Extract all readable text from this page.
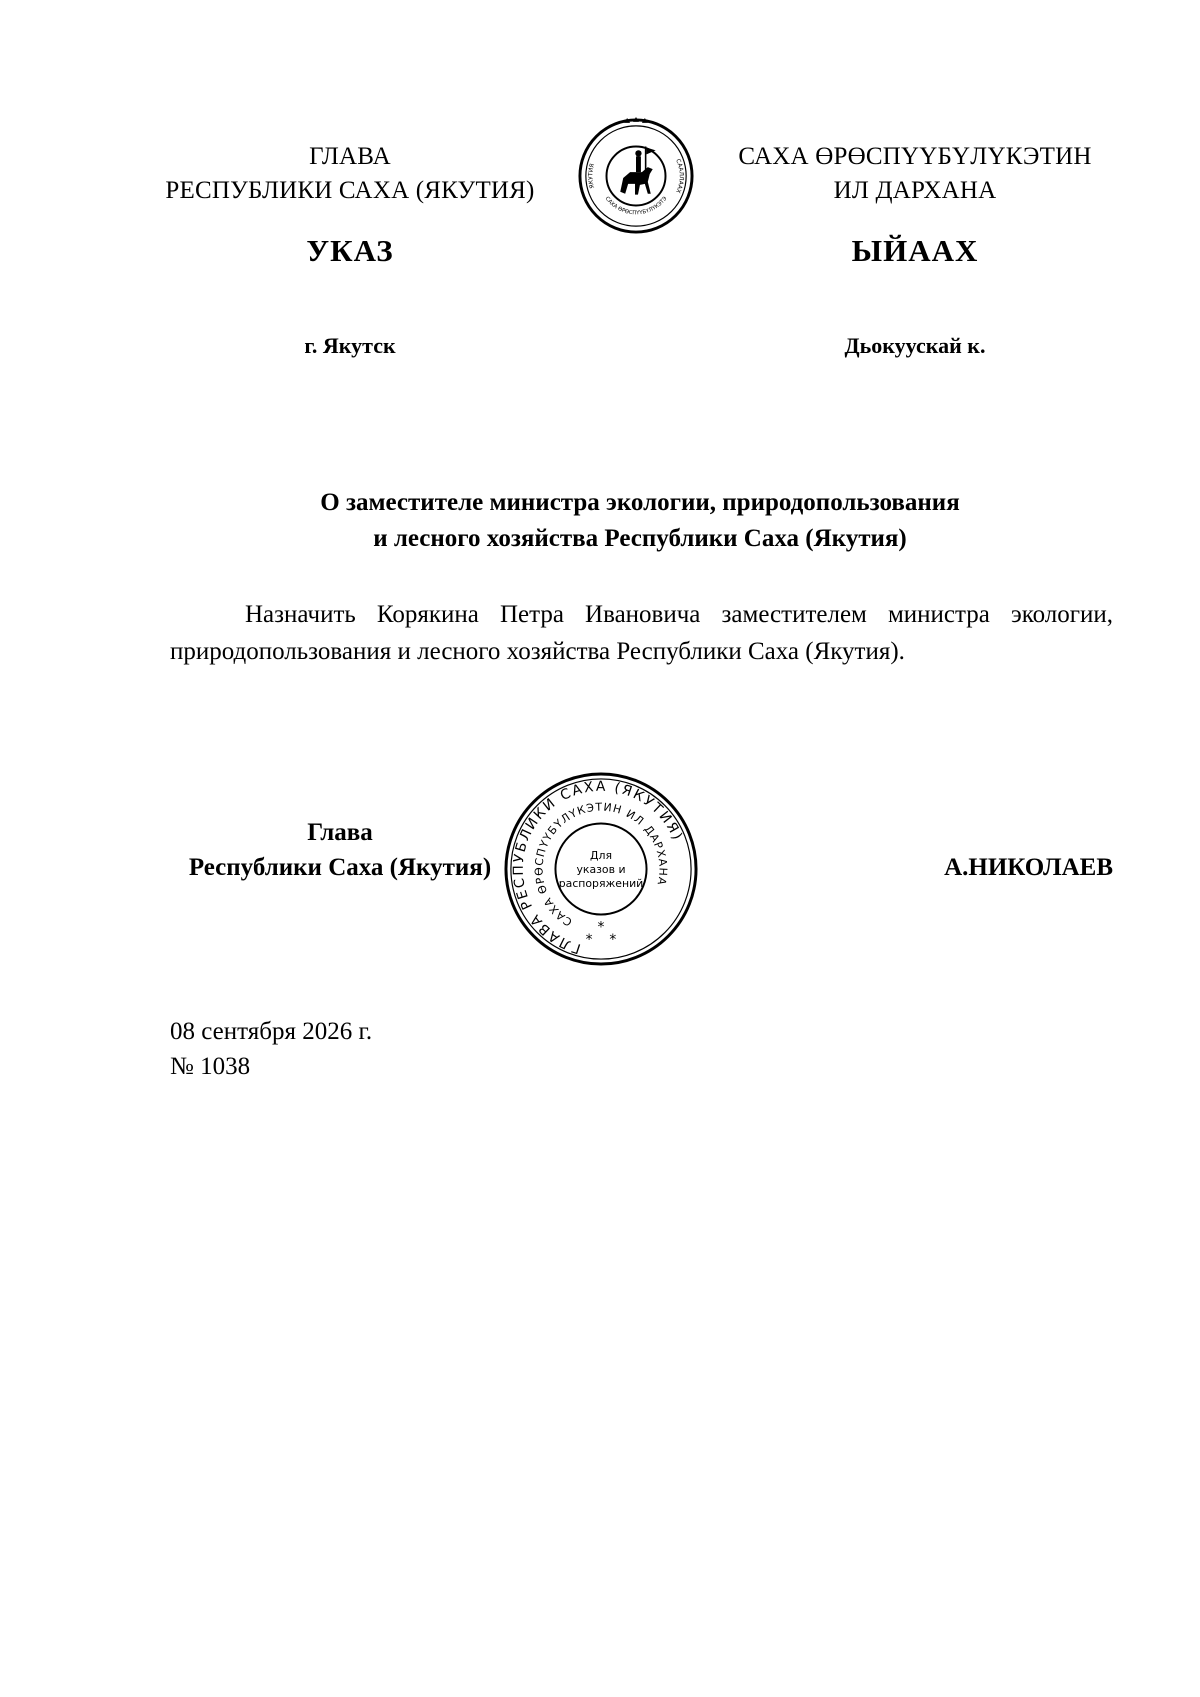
ГЛАВА
РЕСПУБЛИКИ САХА (ЯКУТИЯ)	ЯКУТИЯ
СААЛЛААХ
САХА ӨРӨСПҮҮБҮЛҮКЭТЭ
САХА ӨРӨСПҮҮБҮЛҮКЭТИН
ИЛ ДАРХАНА
УКАЗ	ЫЙААХ
г. Якутск	Дьокуускай к.
О заместителе министра экологии, природопользования
и лесного хозяйства Республики Саха (Якутия)
Назначить Корякина Петра Ивановича заместителем министра экологии, природопользования и лесного хозяйства Республики Саха (Якутия).
Глава
Республики Саха (Якутия)
ГЛАВА РЕСПУБЛИКИ САХА (ЯКУТИЯ)
САХА ӨРӨСПҮҮБҮЛҮКЭТИН ИЛ ДАРХАНА
Для
указов и
распоряжений
*
* *
А.НИКОЛАЕВ
08 сентября 2026 г.
№ 1038
